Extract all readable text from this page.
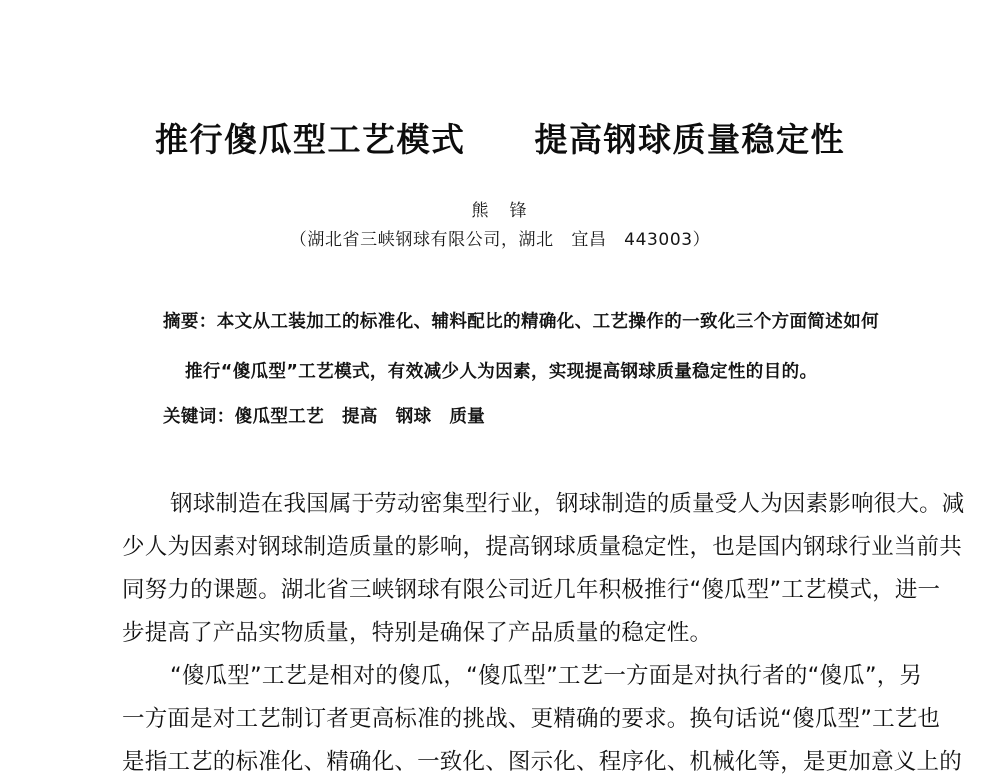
推行傻瓜型工艺模式　　提高钢球质量稳定性
熊　锋
（湖北省三峡钢球有限公司，湖北　宜昌　443003）
摘要：本文从工装加工的标准化、辅料配比的精确化、工艺操作的一致化三个方面简述如何
推行“傻瓜型”工艺模式，有效减少人为因素，实现提高钢球质量稳定性的目的。
关键词：傻瓜型工艺　提高　钢球　质量
钢球制造在我国属于劳动密集型行业，钢球制造的质量受人为因素影响很大。减
少人为因素对钢球制造质量的影响，提高钢球质量稳定性，也是国内钢球行业当前共
同努力的课题。湖北省三峡钢球有限公司近几年积极推行“傻瓜型”工艺模式，进一
步提高了产品实物质量，特别是确保了产品质量的稳定性。
“傻瓜型”工艺是相对的傻瓜，“傻瓜型”工艺一方面是对执行者的“傻瓜”，另
一方面是对工艺制订者更高标准的挑战、更精确的要求。换句话说“傻瓜型”工艺也
是指工艺的标准化、精确化、一致化、图示化、程序化、机械化等，是更加意义上的
